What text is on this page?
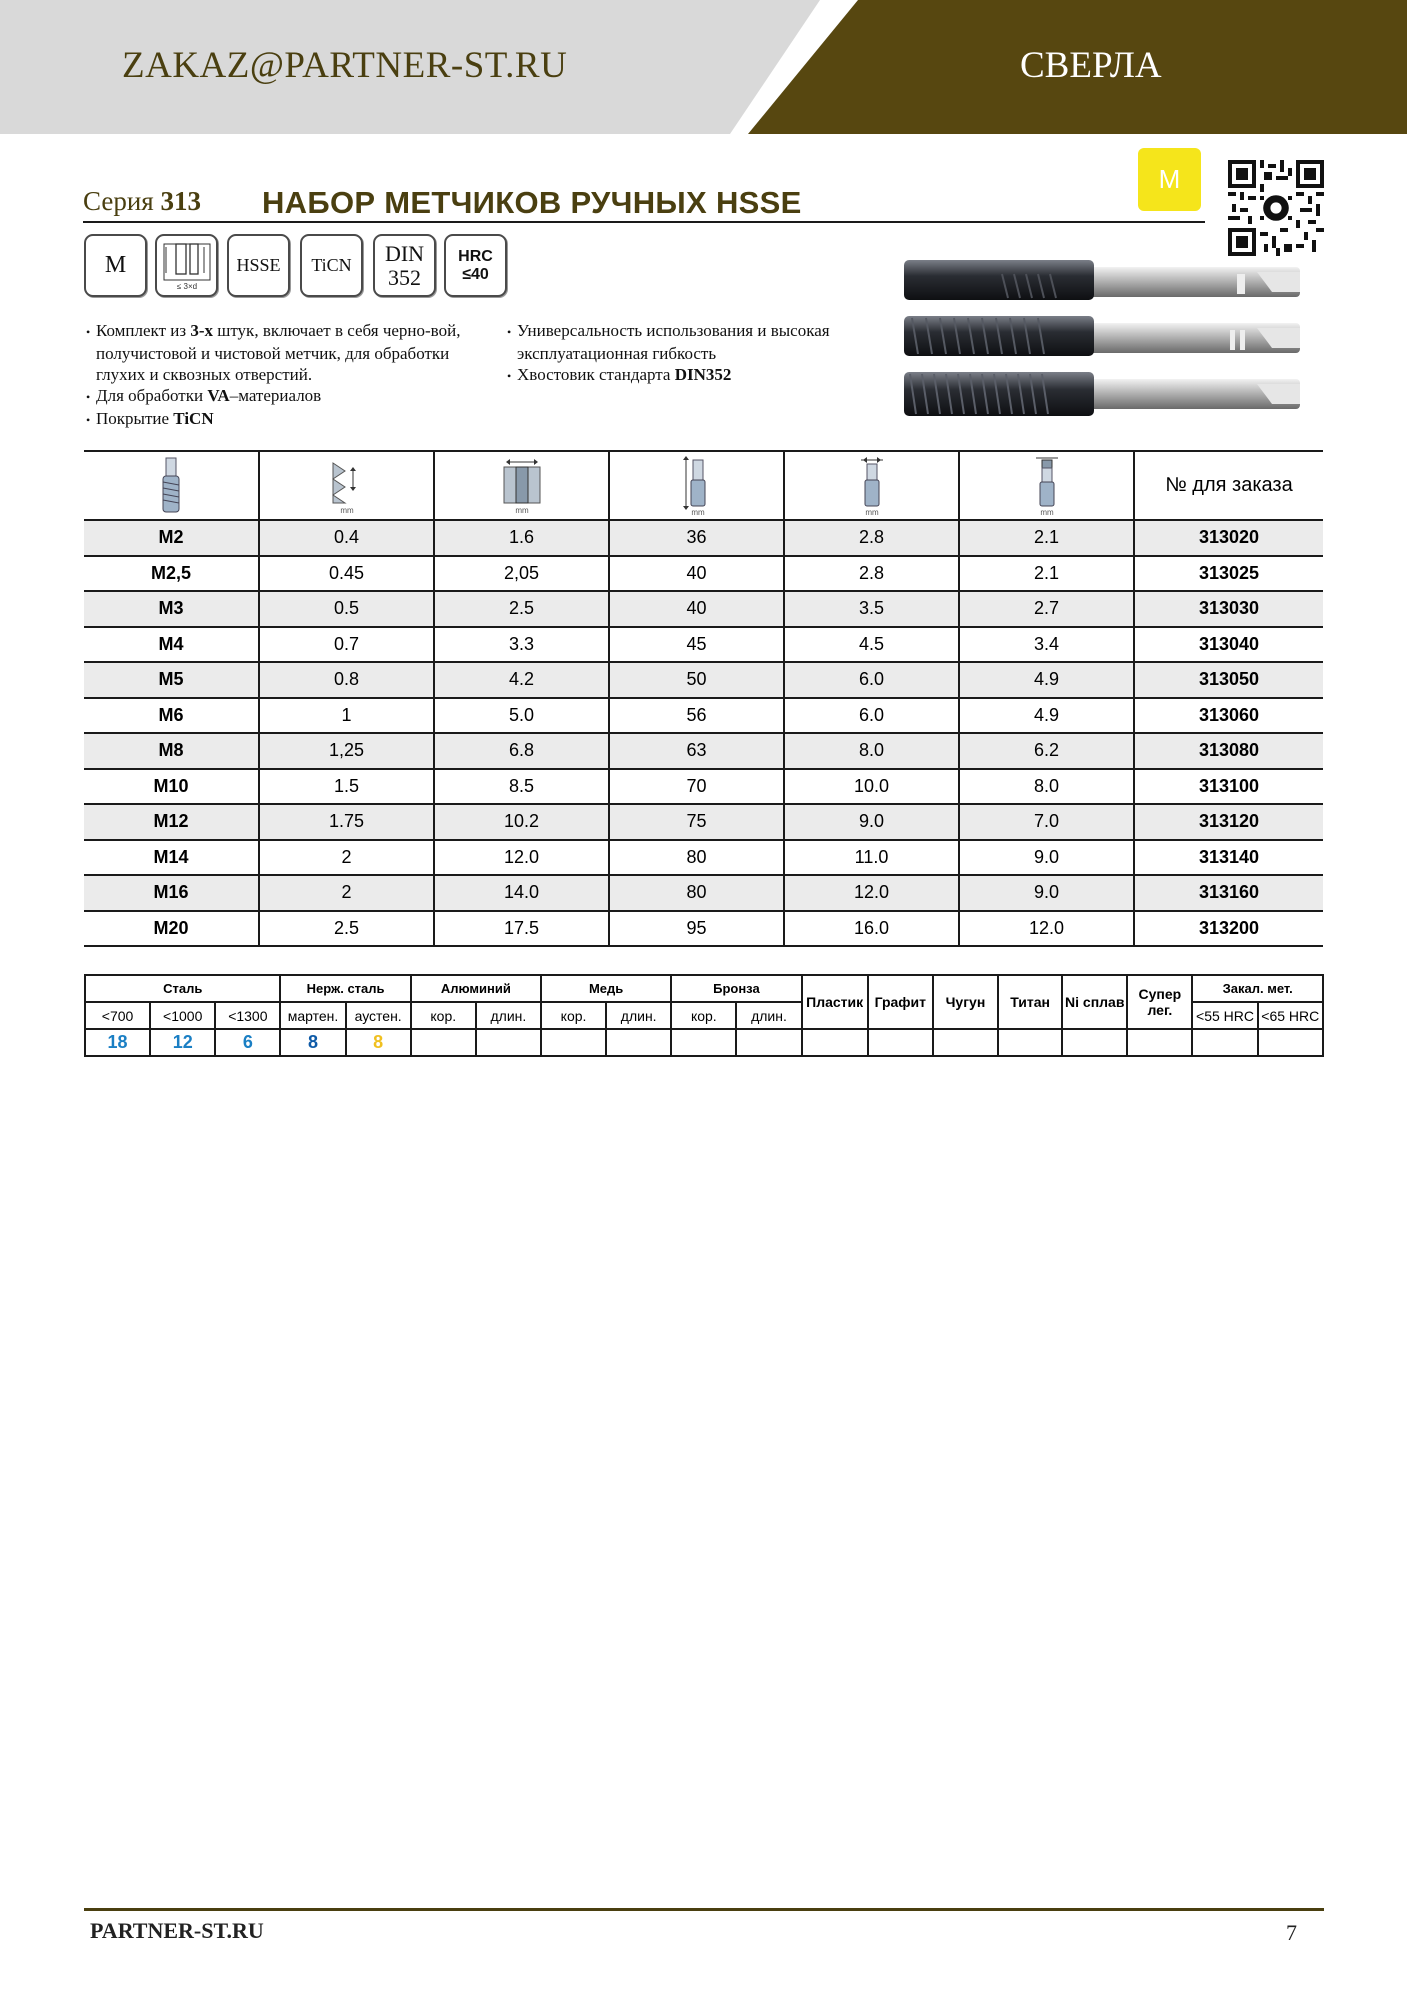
ZAKAZ@PARTNER-ST.RU	СВЕРЛА
Серия 313 НАБОР МЕТЧИКОВ РУЧНЫХ HSSE
M
M
≤ 3×d
HSSE	TiCN	DIN
352
HRC
≤40

• Комплект из 3-х штук, включает в себя черно-вой, получистовой и чистовой метчик, для обработки глухих и сквозных отверстий.

• Для обработки VA–материалов

• Покрытие TiCN

• Универсальность использования и высокая эксплуатационная гибкость

• Хвостовик стандарта DIN352

mm	mm	mm	mm	mm	№ для заказа
M2	0.4	1.6	36	2.8	2.1	313020
M2,5	0.45	2,05	40	2.8	2.1	313025
M3	0.5	2.5	40	3.5	2.7	313030
M4	0.7	3.3	45	4.5	3.4	313040
M5	0.8	4.2	50	6.0	4.9	313050
M6	1	5.0	56	6.0	4.9	313060
M8	1,25	6.8	63	8.0	6.2	313080
M10	1.5	8.5	70	10.0	8.0	313100
M12	1.75	10.2	75	9.0	7.0	313120
M14	2	12.0	80	11.0	9.0	313140
M16	2	14.0	80	12.0	9.0	313160
M20	2.5	17.5	95	16.0	12.0	313200
Сталь			Нерж. сталь		Алюминий		Медь		Бронза		Пластик	Графит	Чугун	Титан	Ni сплав	Супер лег.	Закал. мет.	
<700	<1000	<1300	мартен.	аустен.	кор.	длин.	кор.	длин.	кор.	длин.							<55 HRC	<65 HRC
18	12	6	8	8														
PARTNER-ST.RU	7
